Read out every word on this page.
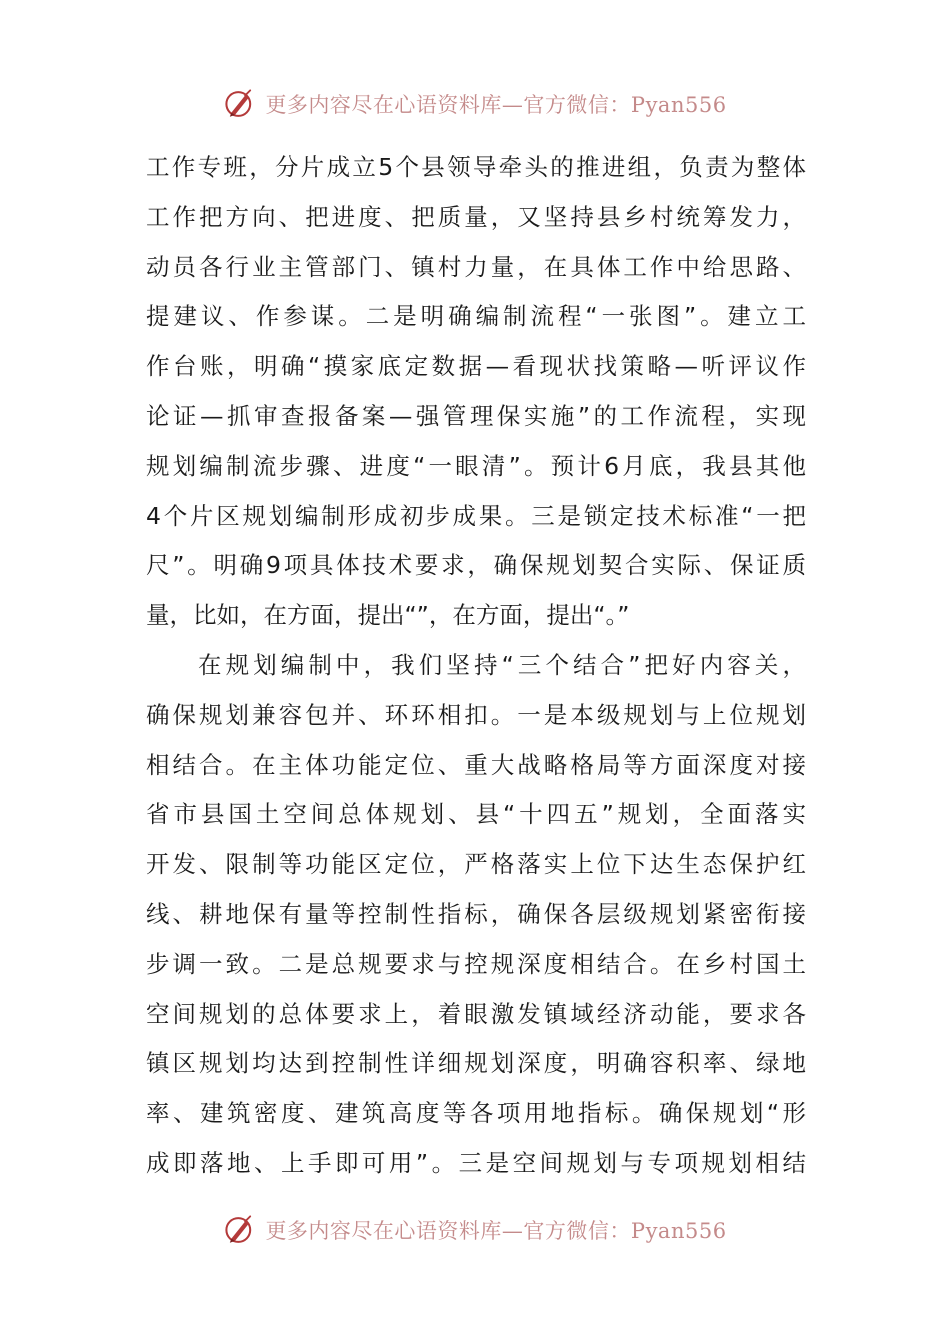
更多内容尽在心语资料库—官方微信：Pyan556
工作专班，分片成立5个县领导牵头的推进组，负责为整体
工作把方向、把进度、把质量，又坚持县乡村统筹发力，
动员各行业主管部门、镇村力量，在具体工作中给思路、
提建议、作参谋。二是明确编制流程“一张图”。建立工
作台账，明确“摸家底定数据—看现状找策略—听评议作
论证—抓审查报备案—强管理保实施”的工作流程，实现
规划编制流步骤、进度“一眼清”。预计6月底，我县其他
4个片区规划编制形成初步成果。三是锁定技术标准“一把
尺”。明确9项具体技术要求，确保规划契合实际、保证质
量，比如，在方面，提出“”，在方面，提出“。”
在规划编制中，我们坚持“三个结合”把好内容关，
确保规划兼容包并、环环相扣。一是本级规划与上位规划
相结合。在主体功能定位、重大战略格局等方面深度对接
省市县国土空间总体规划、县“十四五”规划，全面落实
开发、限制等功能区定位，严格落实上位下达生态保护红
线、耕地保有量等控制性指标，确保各层级规划紧密衔接
步调一致。二是总规要求与控规深度相结合。在乡村国土
空间规划的总体要求上，着眼激发镇域经济动能，要求各
镇区规划均达到控制性详细规划深度，明确容积率、绿地
率、建筑密度、建筑高度等各项用地指标。确保规划“形
成即落地、上手即可用”。三是空间规划与专项规划相结
更多内容尽在心语资料库—官方微信：Pyan556
